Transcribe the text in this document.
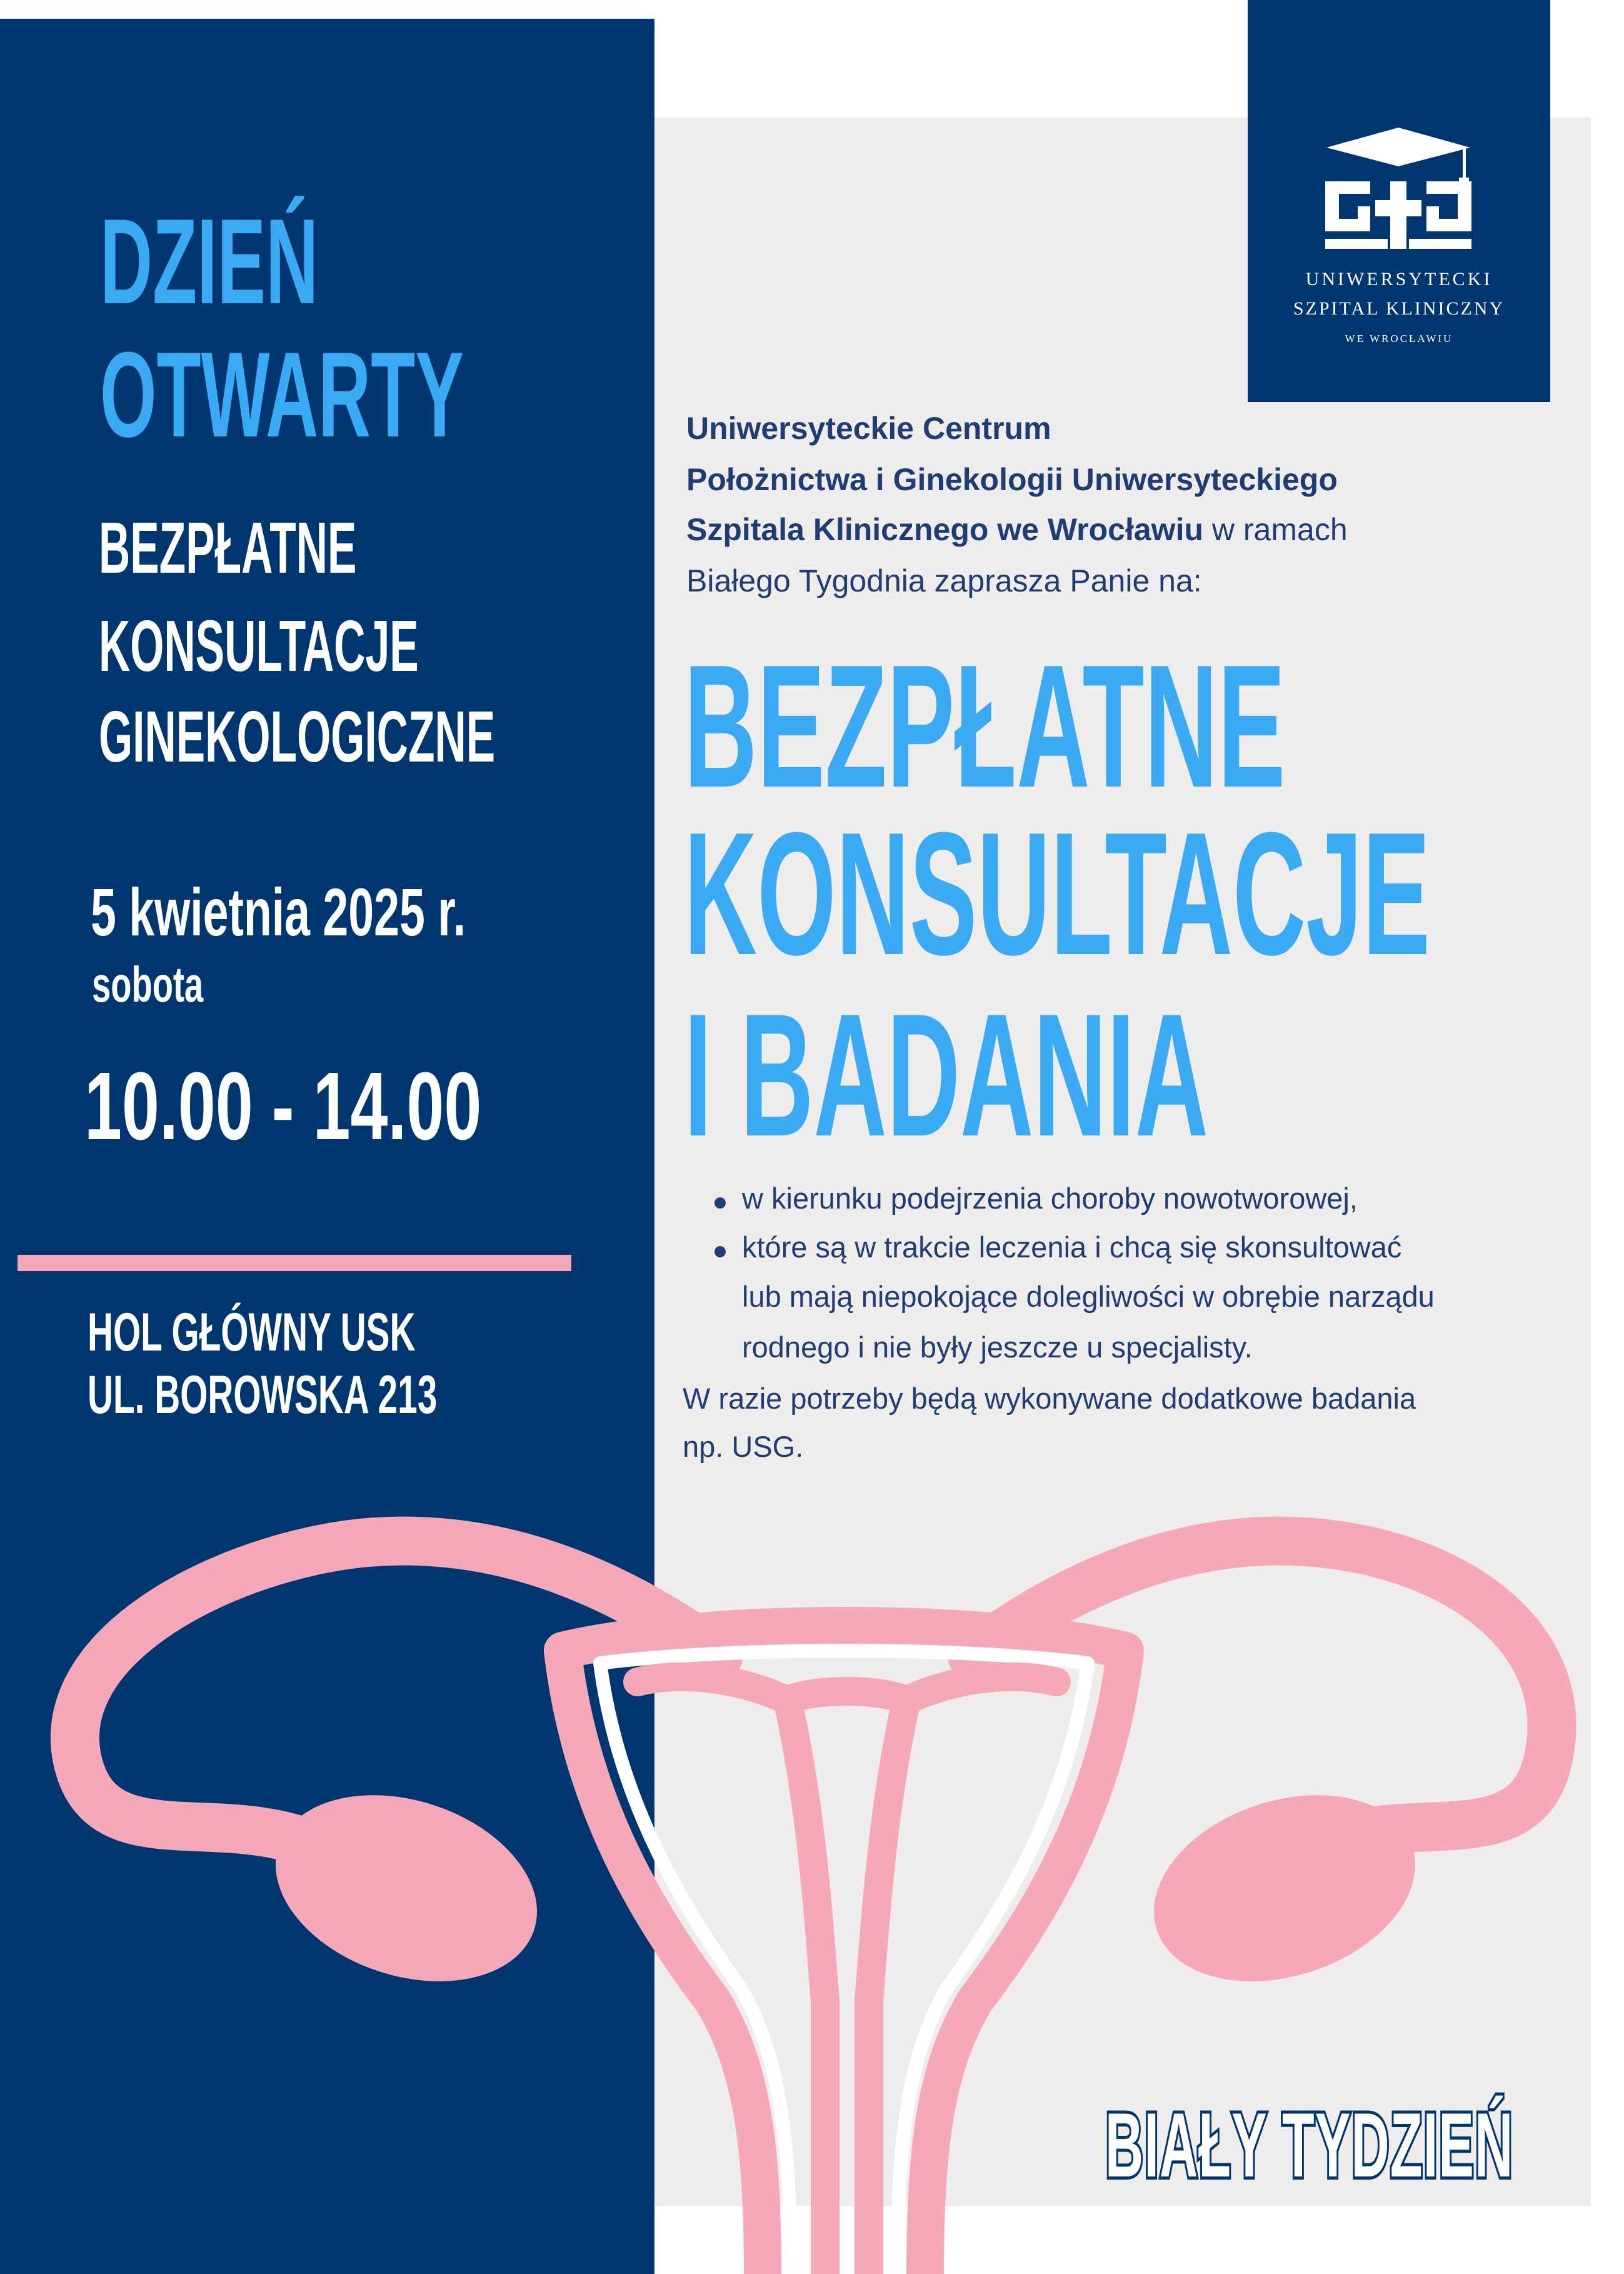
DZIEŃ
OTWARTY
BEZPŁATNE
KONSULTACJE
GINEKOLOGICZNE
5 kwietnia 2025 r.
sobota
10.00 - 14.00
HOL GŁÓWNY USK
UL. BOROWSKA 213
UNIWERSYTECKI
SZPITAL KLINICZNY
WE WROCŁAWIU
Uniwersyteckie Centrum
Położnictwa i Ginekologii Uniwersyteckiego
Szpitala Klinicznego we Wrocławiu w ramach
Białego Tygodnia zaprasza Panie na:
BEZPŁATNE
KONSULTACJE
I BADANIA
w kierunku podejrzenia choroby nowotworowej,
które są w trakcie leczenia i chcą się skonsultować
lub mają niepokojące dolegliwości w obrębie narządu
rodnego i nie były jeszcze u specjalisty.
W razie potrzeby będą wykonywane dodatkowe badania
np. USG.
BIAŁY TYDZIEŃ
